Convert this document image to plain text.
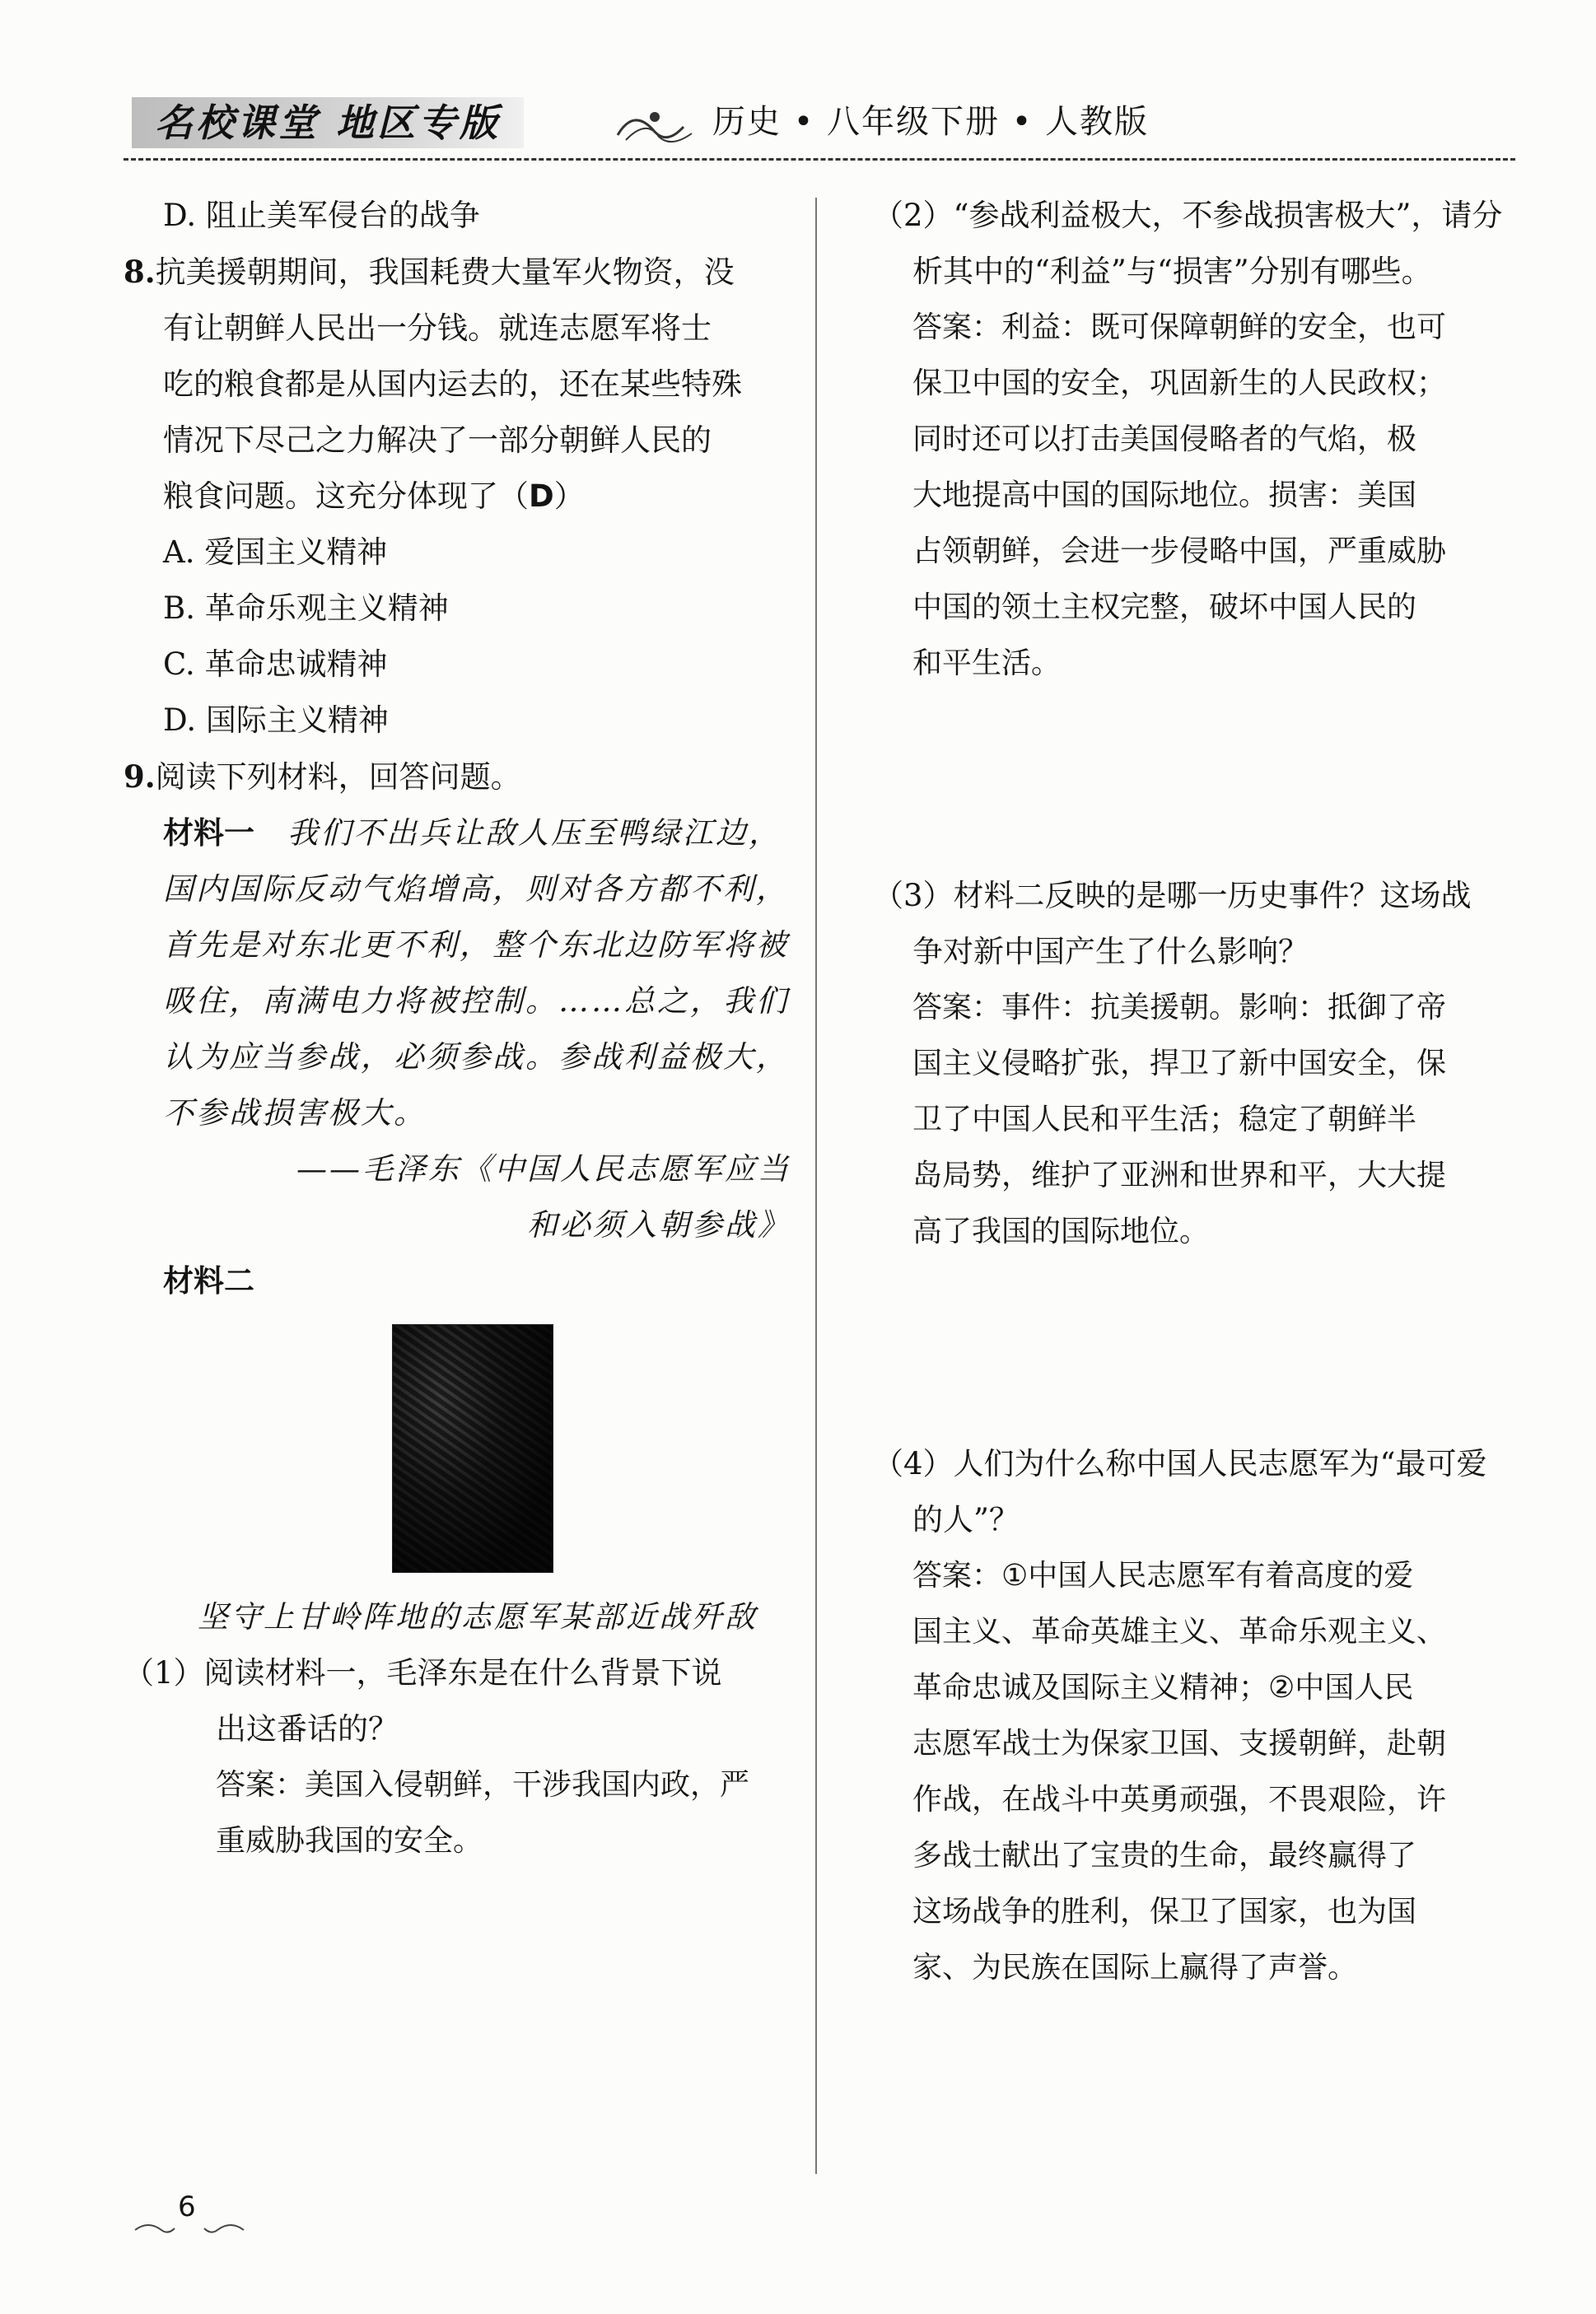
名校课堂 地区专版	历史 • 八年级下册 • 人教版

D. 阻止美军侵台的战争

8.抗美援朝期间，我国耗费大量军火物资，没

有让朝鲜人民出一分钱。就连志愿军将士

吃的粮食都是从国内运去的，还在某些特殊

情况下尽己之力解决了一部分朝鲜人民的

粮食问题。这充分体现了（D）

A. 爱国主义精神

B. 革命乐观主义精神

C. 革命忠诚精神

D. 国际主义精神

9.阅读下列材料，回答问题。

材料一　 我们不出兵让敌人压至鸭绿江边，

国内国际反动气焰增高，则对各方都不利，

首先是对东北更不利，整个东北边防军将被

吸住，南满电力将被控制。……总之，我们

认为应当参战，必须参战。参战利益极大，

不参战损害极大。

——毛泽东《中国人民志愿军应当

和必须入朝参战》

材料二

坚守上甘岭阵地的志愿军某部近战歼敌

（1）阅读材料一，毛泽东是在什么背景下说

出这番话的？

答案：美国入侵朝鲜，干涉我国内政，严

重威胁我国的安全。

（2）“参战利益极大，不参战损害极大”，请分

析其中的“利益”与“损害”分别有哪些。

答案：利益：既可保障朝鲜的安全，也可

保卫中国的安全，巩固新生的人民政权；

同时还可以打击美国侵略者的气焰，极

大地提高中国的国际地位。损害：美国

占领朝鲜，会进一步侵略中国，严重威胁

中国的领土主权完整，破坏中国人民的

和平生活。

（3）材料二反映的是哪一历史事件？这场战

争对新中国产生了什么影响？

答案：事件：抗美援朝。影响：抵御了帝

国主义侵略扩张，捍卫了新中国安全，保

卫了中国人民和平生活；稳定了朝鲜半

岛局势，维护了亚洲和世界和平，大大提

高了我国的国际地位。

（4）人们为什么称中国人民志愿军为“最可爱

的人”？

答案：①中国人民志愿军有着高度的爱

国主义、革命英雄主义、革命乐观主义、

革命忠诚及国际主义精神；②中国人民

志愿军战士为保家卫国、支援朝鲜，赴朝

作战，在战斗中英勇顽强，不畏艰险，许

多战士献出了宝贵的生命，最终赢得了

这场战争的胜利，保卫了国家，也为国

家、为民族在国际上赢得了声誉。

6
